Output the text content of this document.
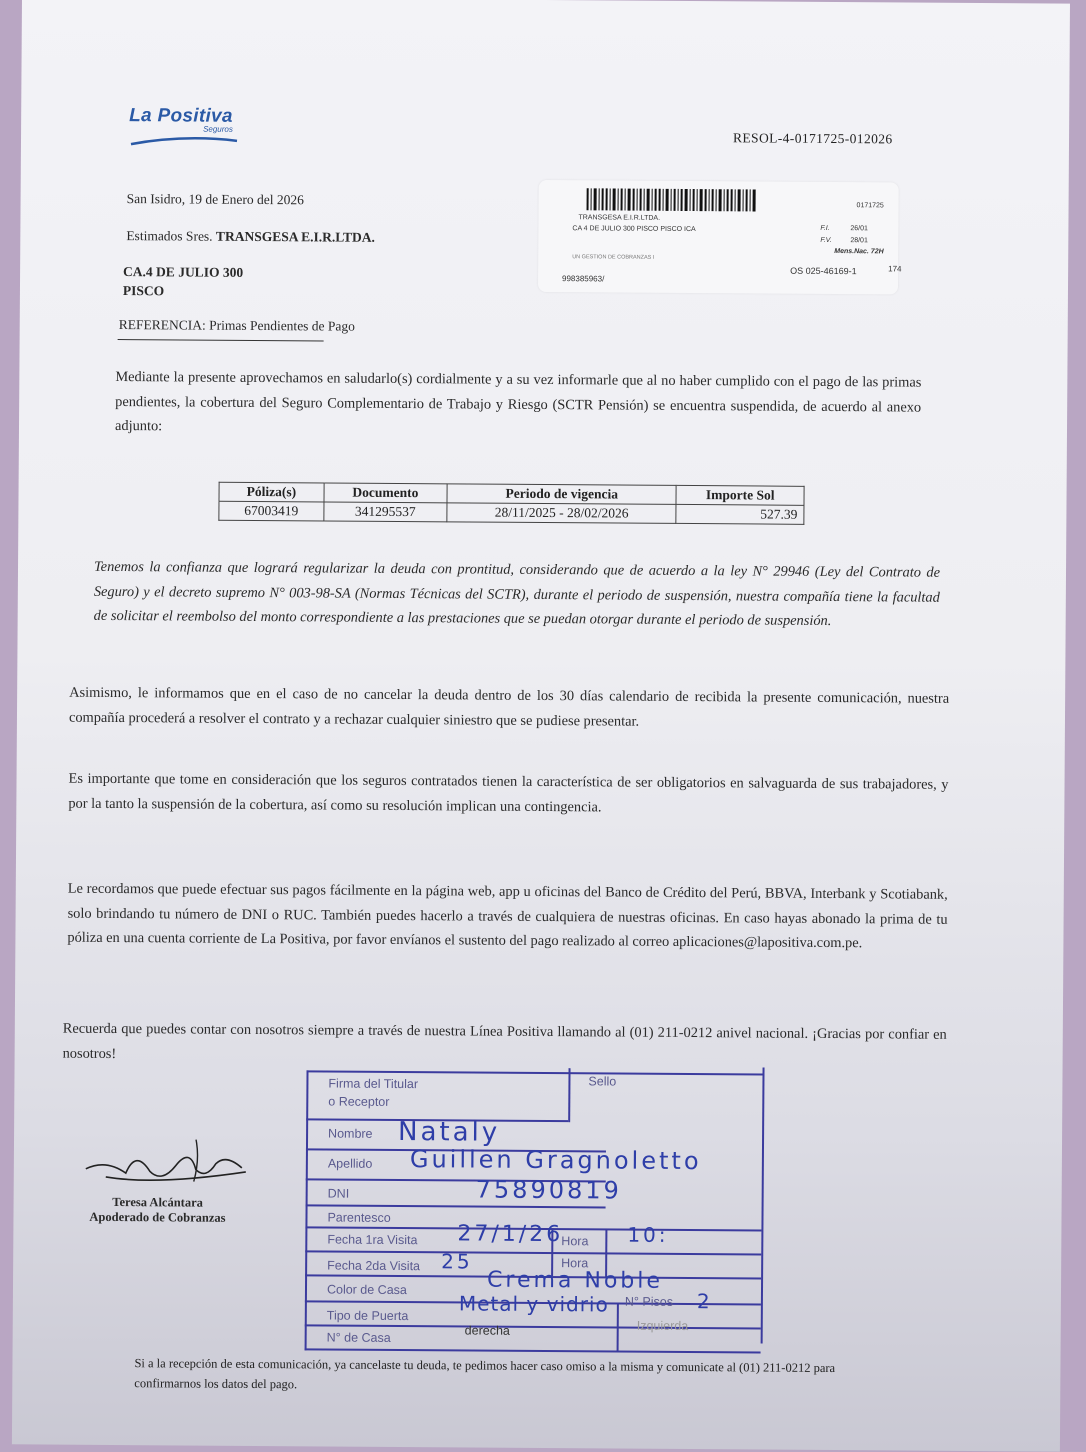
La Positiva
Seguros
RESOL-4-0171725-012026
San Isidro, 19 de Enero del 2026
Estimados Sres. TRANSGESA E.I.R.LTDA.
CA.4 DE JULIO 300
PISCO
REFERENCIA: Primas Pendientes de Pago
0171725
TRANSGESA E.I.R.LTDA.
CA 4 DE JULIO 300 PISCO PISCO ICA	F.I.	26/01
F.V.	28/01
Mens.Nac. 72H
UN GESTION DE COBRANZAS I
998385963/
OS 025-46169-1	174
Mediante la presente aprovechamos en saludarlo(s) cordialmente y a su vez informarle que al no haber cumplido con el pago de las primas pendientes, la cobertura del Seguro Complementario de Trabajo y Riesgo (SCTR Pensión) se encuentra suspendida, de acuerdo al anexo adjunto:
Póliza(s)	Documento	Periodo de vigencia	Importe Sol
67003419	341295537	28/11/2025 - 28/02/2026	527.39
Tenemos la confianza que logrará regularizar la deuda con prontitud, considerando que de acuerdo a la ley N° 29946 (Ley del Contrato de Seguro) y el decreto supremo N° 003-98-SA (Normas Técnicas del SCTR), durante el periodo de suspensión, nuestra compañía tiene la facultad de solicitar el reembolso del monto correspondiente a las prestaciones que se puedan otorgar durante el periodo de suspensión.
Asimismo, le informamos que en el caso de no cancelar la deuda dentro de los 30 días calendario de recibida la presente comunicación, nuestra compañía procederá a resolver el contrato y a rechazar cualquier siniestro que se pudiese presentar.
Es importante que tome en consideración que los seguros contratados tienen la característica de ser obligatorios en salvaguarda de sus trabajadores, y por la tanto la suspensión de la cobertura, así como su resolución implican una contingencia.
Le recordamos que puede efectuar sus pagos fácilmente en la página web, app u oficinas del Banco de Crédito del Perú, BBVA, Interbank y Scotiabank, solo brindando tu número de DNI o RUC. También puedes hacerlo a través de cualquiera de nuestras oficinas. En caso hayas abonado la prima de tu póliza en una cuenta corriente de La Positiva, por favor envíanos el sustento del pago realizado al correo aplicaciones@lapositiva.com.pe.
Recuerda que puedes contar con nosotros siempre a través de nuestra Línea Positiva llamando al (01) 211-0212 anivel nacional. ¡Gracias por confiar en nosotros!
Teresa Alcántara
Apoderado de Cobranzas
Firma del Titular
o Receptor
Sello
Nombre Nataly
Apellido Guillen Gragnoletto
DNI	75890819
Parentesco
Fecha 1ra Visita 27/1/26
Hora 10:
Fecha 2da Visita 25	Hora
Color de Casa	Crema Noble
Tipo de Puerta	Metal y vidrio N° Pisos 2
N° de Casa	derecha	Izquierda
Si a la recepción de esta comunicación, ya cancelaste tu deuda, te pedimos hacer caso omiso a la misma y comunicate al (01) 211-0212 para confirmarnos los datos del pago.
